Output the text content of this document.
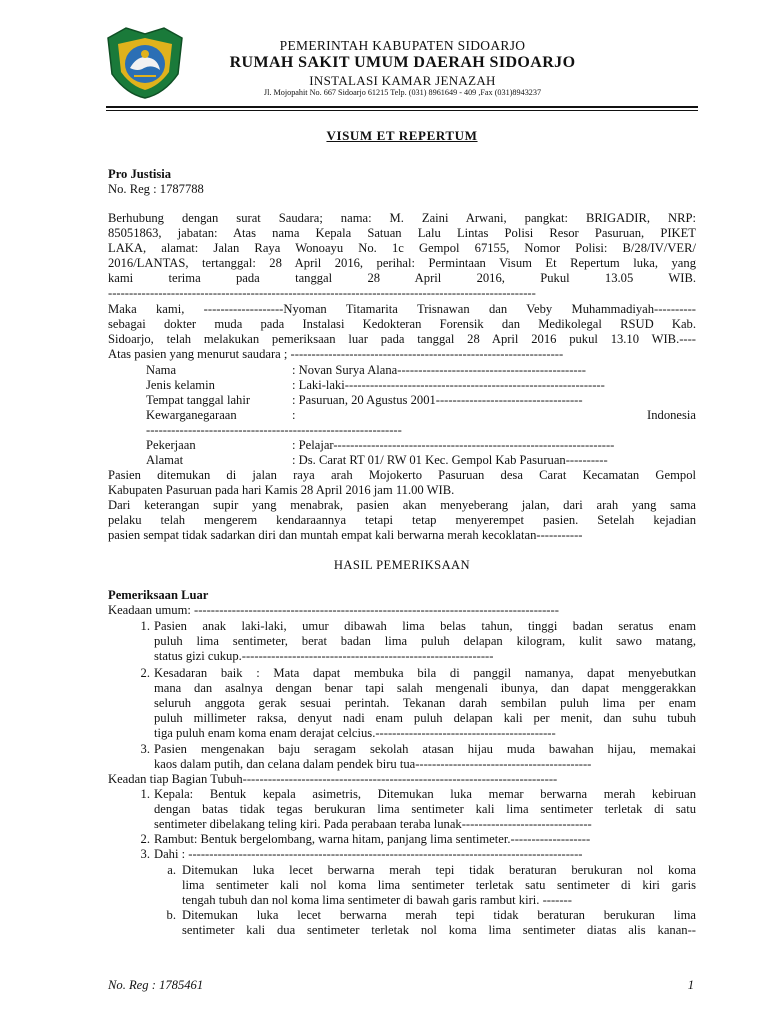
PEMERINTAH KABUPATEN SIDOARJO
RUMAH SAKIT UMUM DAERAH SIDOARJO
INSTALASI KAMAR JENAZAH
Jl. Mojopahit No. 667 Sidoarjo 61215 Telp. (031) 8961649 - 409 ,Fax (031)8943237
VISUM ET REPERTUM
Pro Justisia
No. Reg : 1787788
Berhubung dengan surat Saudara; nama: M. Zaini Arwani, pangkat: BRIGADIR, NRP:
85051863, jabatan: Atas nama Kepala Satuan Lalu Lintas Polisi Resor Pasuruan, PIKET
LAKA, alamat: Jalan Raya Wonoayu No. 1c Gempol 67155, Nomor Polisi: B/28/IV/VER/
2016/LANTAS, tertanggal: 28 April 2016, perihal: Permintaan Visum Et Repertum luka, yang
kami terima pada tanggal 28 April 2016, Pukul 13.05 WIB.
------------------------------------------------------------------------------------------------------
Maka kami, -------------------Nyoman Titamarita Trisnawan dan Veby Muhammadiyah----------
sebagai dokter muda pada Instalasi Kedokteran Forensik dan Medikolegal RSUD Kab.
Sidoarjo, telah melakukan pemeriksaan luar pada tanggal 28 April 2016 pukul 13.10 WIB.----
Atas pasien yang menurut saudara ; -----------------------------------------------------------------
Nama	: Novan Surya Alana---------------------------------------------
Jenis kelamin	: Laki-laki--------------------------------------------------------------
Tempat tanggal lahir	: Pasuruan, 20 Agustus 2001-----------------------------------
Kewarganegaraan	:	Indonesia
-------------------------------------------------------------
Pekerjaan	: Pelajar-------------------------------------------------------------------
Alamat	: Ds. Carat RT 01/ RW 01 Kec. Gempol Kab Pasuruan----------
Pasien ditemukan di jalan raya arah Mojokerto Pasuruan desa Carat Kecamatan Gempol
Kabupaten Pasuruan pada hari Kamis 28 April 2016 jam 11.00 WIB.
Dari keterangan supir yang menabrak, pasien akan menyeberang jalan, dari arah yang sama
pelaku telah mengerem kendaraannya tetapi tetap menyerempet pasien. Setelah kejadian
pasien sempat tidak sadarkan diri dan muntah empat kali berwarna merah kecoklatan-----------
HASIL PEMERIKSAAN
Pemeriksaan Luar
Keadaan umum: ---------------------------------------------------------------------------------------
1. Pasien anak laki-laki, umur dibawah lima belas tahun, tinggi badan seratus enam
puluh lima sentimeter, berat badan lima puluh delapan kilogram, kulit sawo matang,
status gizi cukup.------------------------------------------------------------
2. Kesadaran baik : Mata dapat membuka bila di panggil namanya, dapat menyebutkan
mana dan asalnya dengan benar tapi salah mengenali ibunya, dan dapat menggerakkan
seluruh anggota gerak sesuai perintah. Tekanan darah sembilan puluh lima per enam
puluh millimeter raksa, denyut nadi enam puluh delapan kali per menit, dan suhu tubuh
tiga puluh enam koma enam derajat celcius.-------------------------------------------
3. Pasien mengenakan baju seragam sekolah atasan hijau muda bawahan hijau, memakai
kaos dalam putih, dan celana dalam pendek biru tua------------------------------------------
Keadan tiap Bagian Tubuh---------------------------------------------------------------------------
1. Kepala: Bentuk kepala asimetris, Ditemukan luka memar berwarna merah kebiruan
dengan batas tidak tegas berukuran lima sentimeter kali lima sentimeter terletak di satu
sentimeter dibelakang teling kiri. Pada perabaan teraba lunak-------------------------------
2. Rambut: Bentuk bergelombang, warna hitam, panjang lima sentimeter.-------------------
3. Dahi : ----------------------------------------------------------------------------------------------
a. Ditemukan luka lecet berwarna merah tepi tidak beraturan berukuran nol koma
lima sentimeter kali nol koma lima sentimeter terletak satu sentimeter di kiri garis
tengah tubuh dan nol koma lima sentimeter di bawah garis rambut kiri. -------
b. Ditemukan luka lecet berwarna merah tepi tidak beraturan berukuran lima
sentimeter kali dua sentimeter terletak nol koma lima sentimeter diatas alis kanan--
No. Reg : 1785461	1
